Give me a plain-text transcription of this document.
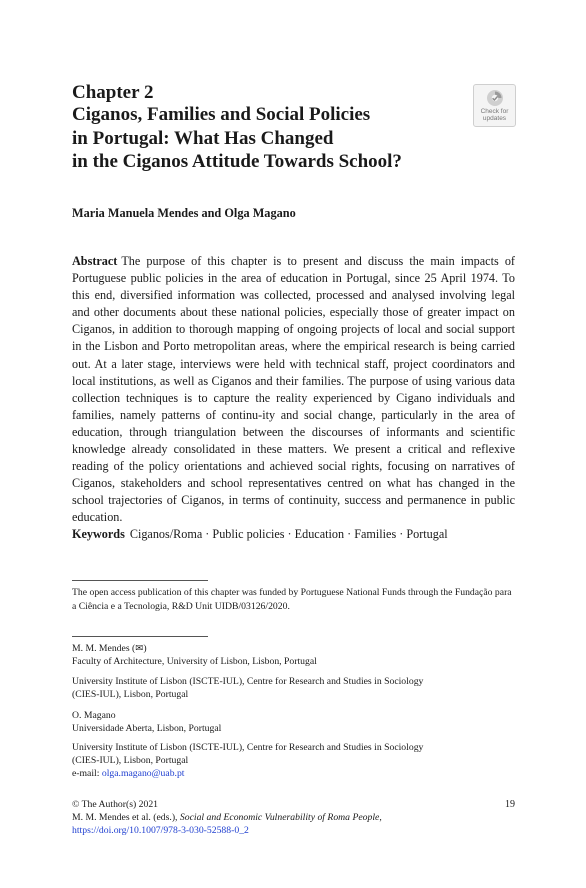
Chapter 2
Ciganos, Families and Social Policies
in Portugal: What Has Changed
in the Ciganos Attitude Towards School?
Check for
updates
Maria Manuela Mendes and Olga Magano
Abstract The purpose of this chapter is to present and discuss the main impacts of Portuguese public policies in the area of education in Portugal, since 25 April 1974. To this end, diversified information was collected, processed and analysed involving legal and other documents about these national policies, especially those of greater impact on Ciganos, in addition to thorough mapping of ongoing projects of local and social support in the Lisbon and Porto metropolitan areas, where the empirical research is being carried out. At a later stage, interviews were held with technical staff, project coordinators and local institutions, as well as Ciganos and their families. The purpose of using various data collection techniques is to capture the reality experienced by Cigano individuals and families, namely patterns of continu-ity and social change, particularly in the area of education, through triangulation between the discourses of informants and scientific knowledge already consolidated in these matters. We present a critical and reflexive reading of the policy orientations and achieved social rights, focusing on narratives of Ciganos, stakeholders and school representatives centred on what has changed in the school trajectories of Ciganos, in terms of continuity, success and permanence in public education.
Keywords Ciganos/Roma · Public policies · Education · Families · Portugal
The open access publication of this chapter was funded by Portuguese National Funds through the Fundação para a Ciência e a Tecnologia, R&D Unit UIDB/03126/2020.
M. M. Mendes (✉)
Faculty of Architecture, University of Lisbon, Lisbon, Portugal
University Institute of Lisbon (ISCTE-IUL), Centre for Research and Studies in Sociology
(CIES-IUL), Lisbon, Portugal
O. Magano
Universidade Aberta, Lisbon, Portugal
University Institute of Lisbon (ISCTE-IUL), Centre for Research and Studies in Sociology
(CIES-IUL), Lisbon, Portugal
e-mail: olga.magano@uab.pt
© The Author(s) 2021	19
M. M. Mendes et al. (eds.), Social and Economic Vulnerability of Roma People,
https://doi.org/10.1007/978-3-030-52588-0_2
